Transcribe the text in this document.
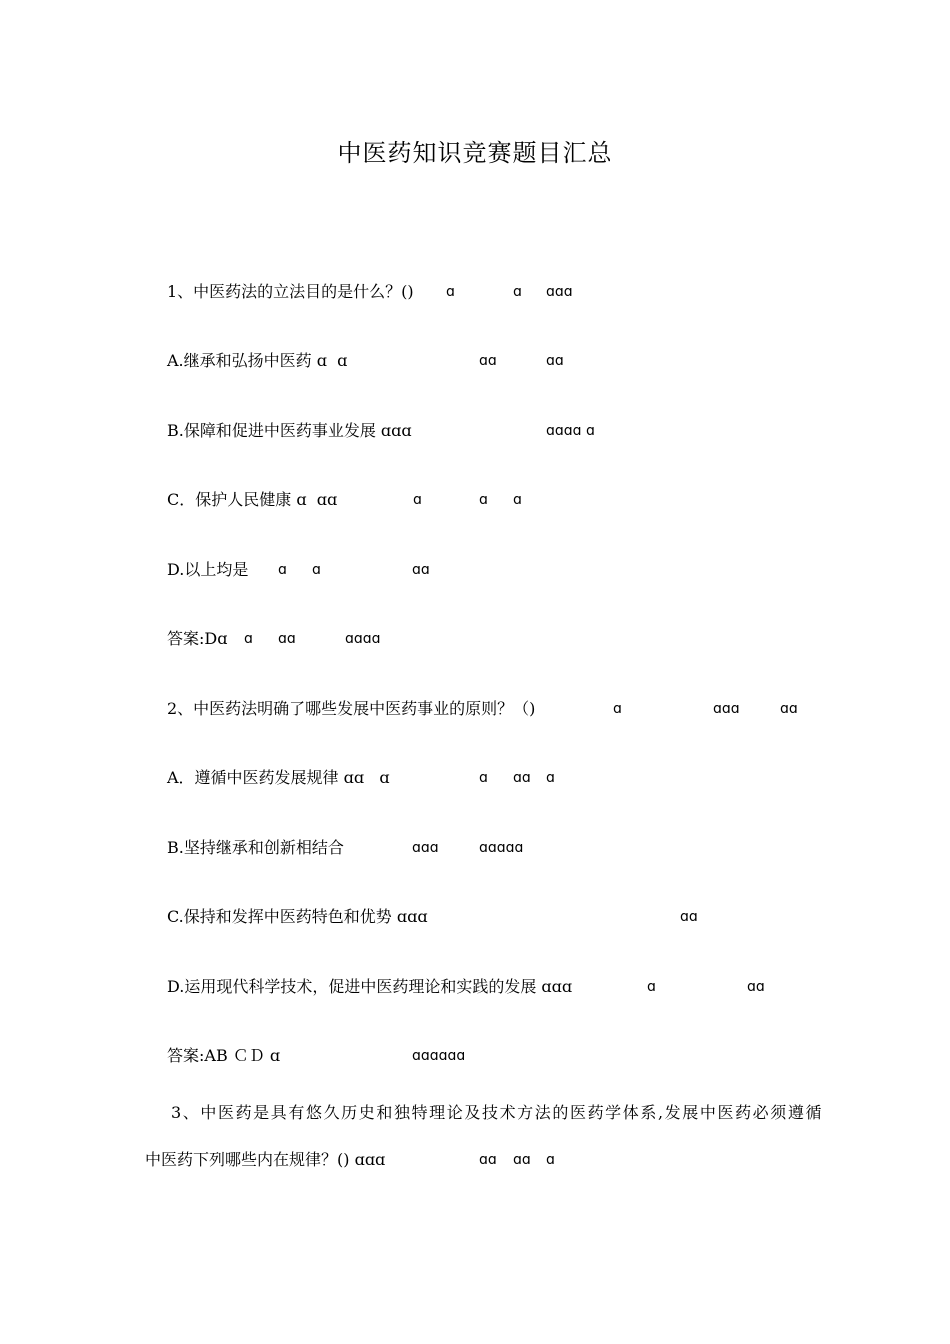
中医药知识竞赛题目汇总
1、中医药法的立法目的是什么？() ɑ	ɑ ɑɑɑ
A.继承和弘扬中医药 ɑ  ɑ	ɑɑ	ɑɑ
B.保障和促进中医药事业发展 ɑɑɑ	ɑɑɑɑ ɑ
C．保护人民健康 ɑ  ɑɑ	ɑ	ɑ ɑ
D.以上均是 ɑ ɑ	ɑɑ
答案:Dɑ ɑ ɑɑ	ɑɑɑɑ
2、中医药法明确了哪些发展中医药事业的原则？（)	ɑ	ɑɑɑ	ɑɑ
A．遵循中医药发展规律 ɑɑ   ɑ	ɑ ɑɑ ɑ
B.坚持继承和创新相结合	ɑɑɑ	ɑɑɑɑɑ
C.保持和发挥中医药特色和优势 ɑɑɑ	ɑɑ
D.运用现代科学技术，促进中医药理论和实践的发展 ɑɑɑ	ɑ	ɑɑ
答案:AB ＣＤ ɑ	ɑɑɑɑɑɑ
3、中医药是具有悠久历史和独特理论及技术方法的医药学体系,发展中医药必须遵循
中医药下列哪些内在规律？() ɑɑɑ	ɑɑ ɑɑ ɑ
